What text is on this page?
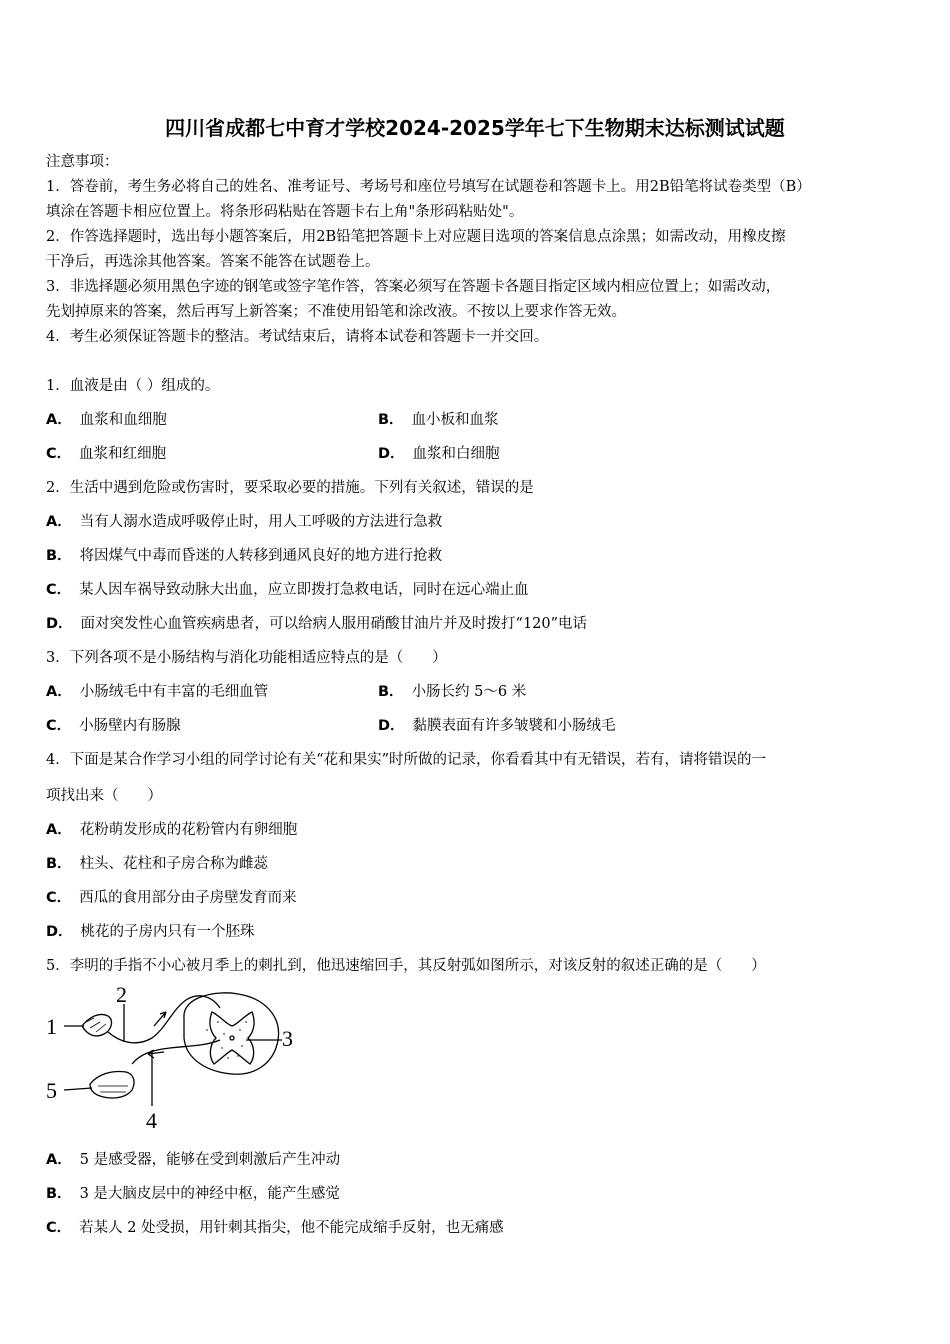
四川省成都七中育才学校2024-2025学年七下生物期末达标测试试题
注意事项：
1．答卷前，考生务必将自己的姓名、准考证号、考场号和座位号填写在试题卷和答题卡上。用2B铅笔将试卷类型（B）
填涂在答题卡相应位置上。将条形码粘贴在答题卡右上角"条形码粘贴处"。
2．作答选择题时，选出每小题答案后，用2B铅笔把答题卡上对应题目选项的答案信息点涂黑；如需改动，用橡皮擦
干净后，再选涂其他答案。答案不能答在试题卷上。
3．非选择题必须用黑色字迹的钢笔或签字笔作答，答案必须写在答题卡各题目指定区域内相应位置上；如需改动，
先划掉原来的答案，然后再写上新答案；不准使用铅笔和涂改液。不按以上要求作答无效。
4．考生必须保证答题卡的整洁。考试结束后，请将本试卷和答题卡一并交回。
1．血液是由（ ）组成的。
A． 血浆和血细胞	B． 血小板和血浆
C． 血浆和红细胞	D． 血浆和白细胞
2．生活中遇到危险或伤害时，要采取必要的措施。下列有关叙述，错误的是
A． 当有人溺水造成呼吸停止时，用人工呼吸的方法进行急救
B． 将因煤气中毒而昏迷的人转移到通风良好的地方进行抢救
C． 某人因车祸导致动脉大出血，应立即拨打急救电话，同时在远心端止血
D． 面对突发性心血管疾病患者，可以给病人服用硝酸甘油片并及时拨打“120”电话
3．下列各项不是小肠结构与消化功能相适应特点的是（　　）
A． 小肠绒毛中有丰富的毛细血管	B． 小肠长约 5～6 米
C． 小肠壁内有肠腺	D． 黏膜表面有许多皱襞和小肠绒毛
4．下面是某合作学习小组的同学讨论有关“花和果实”时所做的记录，你看看其中有无错误，若有，请将错误的一
项找出来（　　）
A． 花粉萌发形成的花粉管内有卵细胞
B． 柱头、花柱和子房合称为雌蕊
C． 西瓜的食用部分由子房壁发育而来
D． 桃花的子房内只有一个胚珠
5．李明的手指不小心被月季上的刺扎到，他迅速缩回手，其反射弧如图所示，对该反射的叙述正确的是（　　）
1
2
3
4
5
A． 5 是感受器，能够在受到刺激后产生冲动
B． 3 是大脑皮层中的神经中枢，能产生感觉
C． 若某人 2 处受损，用针刺其指尖，他不能完成缩手反射，也无痛感
